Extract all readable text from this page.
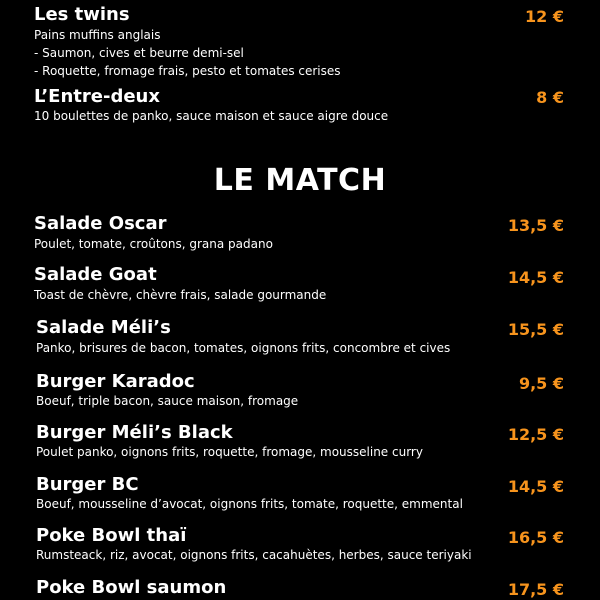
Les twins	12 €
Pains muffins anglais
- Saumon, cives et beurre demi-sel
- Roquette, fromage frais, pesto et tomates cerises
L’Entre-deux	8 €
10 boulettes de panko, sauce maison et sauce aigre douce
LE MATCH
Salade Oscar	13,5 €
Poulet, tomate, croûtons, grana padano
Salade Goat	14,5 €
Toast de chèvre, chèvre frais, salade gourmande
Salade Méli’s	15,5 €
Panko, brisures de bacon, tomates, oignons frits, concombre et cives
Burger Karadoc	9,5 €
Boeuf, triple bacon, sauce maison, fromage
Burger Méli’s Black	12,5 €
Poulet panko, oignons frits, roquette, fromage, mousseline curry
Burger BC	14,5 €
Boeuf, mousseline d’avocat, oignons frits, tomate, roquette, emmental
Poke Bowl thaï	16,5 €
Rumsteack, riz, avocat, oignons frits, cacahuètes, herbes, sauce teriyaki
Poke Bowl saumon	17,5 €
